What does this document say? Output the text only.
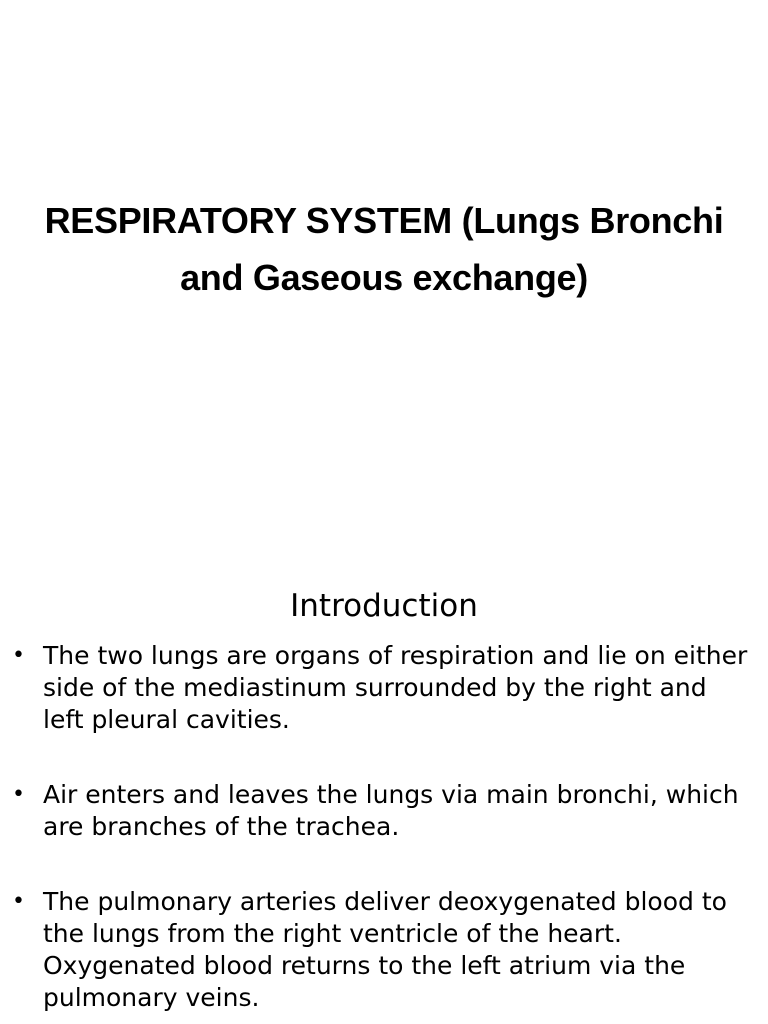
RESPIRATORY SYSTEM (Lungs Bronchi and Gaseous exchange)
Introduction
• The two lungs are organs of respiration and lie on either side of the mediastinum surrounded by the right and left pleural cavities.
• Air enters and leaves the lungs via main bronchi, which are branches of the trachea.
• The pulmonary arteries deliver deoxygenated blood to the lungs from the right ventricle of the heart. Oxygenated blood returns to the left atrium via the pulmonary veins.
